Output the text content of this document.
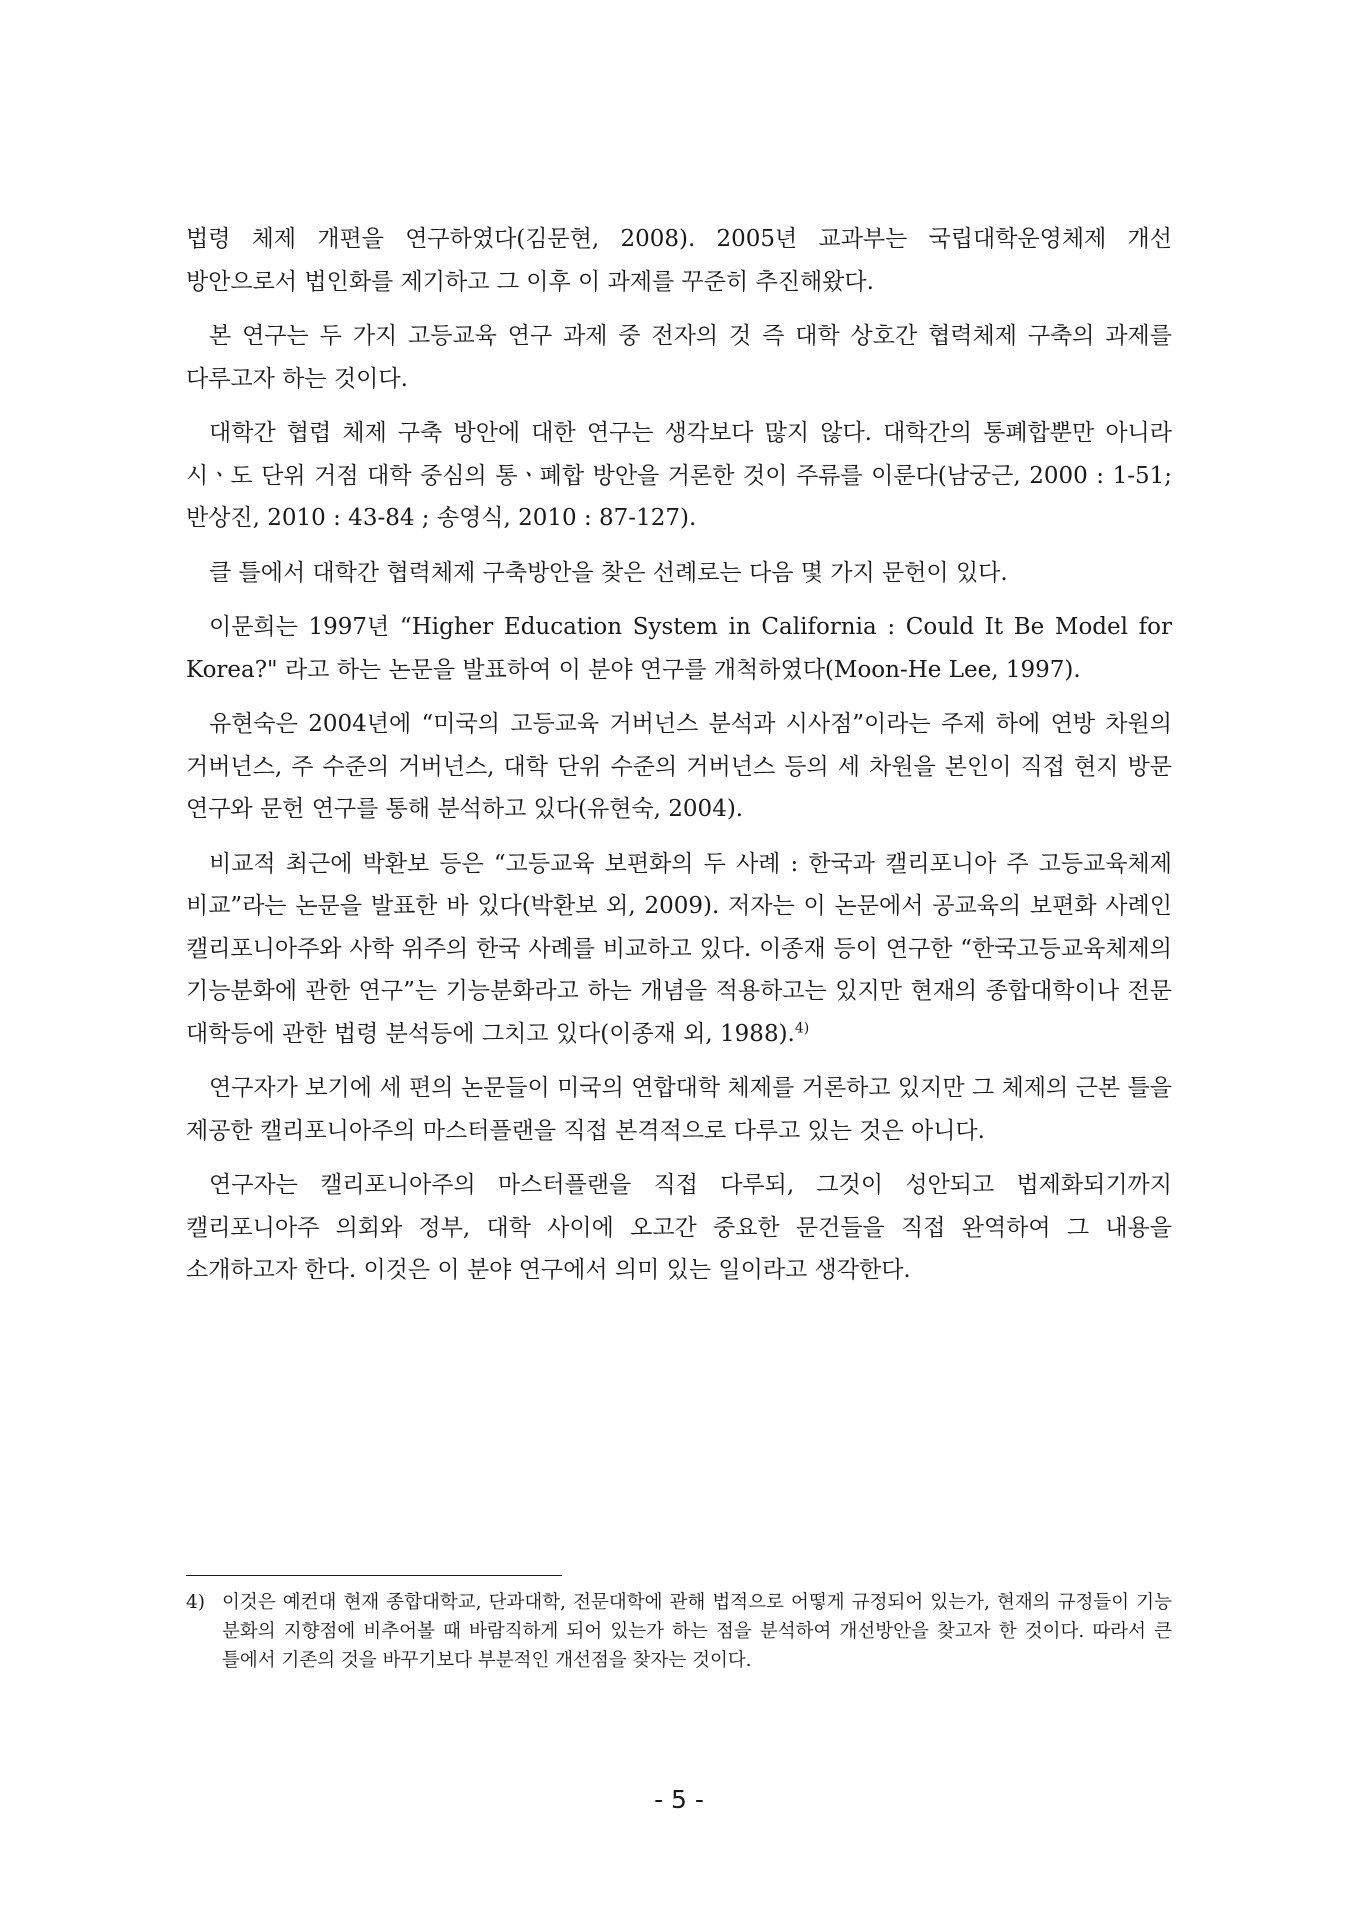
법령 체제 개편을 연구하였다(김문현, 2008). 2005년 교과부는 국립대학운영체제 개선 방안으로서 법인화를 제기하고 그 이후 이 과제를 꾸준히 추진해왔다.

본 연구는 두 가지 고등교육 연구 과제 중 전자의 것 즉 대학 상호간 협력체제 구축의 과제를 다루고자 하는 것이다.

대학간 협렵 체제 구축 방안에 대한 연구는 생각보다 많지 않다. 대학간의 통폐합뿐만 아니라 시ㆍ도 단위 거점 대학 중심의 통ㆍ폐합 방안을 거론한 것이 주류를 이룬다(남궁근, 2000 : 1-51; 반상진, 2010 : 43-84 ; 송영식, 2010 : 87-127).

클 틀에서 대학간 협력체제 구축방안을 찾은 선례로는 다음 몇 가지 문헌이 있다.

이문희는 1997년 “Higher Education System in California : Could It Be Model for Korea?" 라고 하는 논문을 발표하여 이 분야 연구를 개척하였다(Moon-He Lee, 1997).

유현숙은 2004년에 “미국의 고등교육 거버넌스 분석과 시사점”이라는 주제 하에 연방 차원의 거버넌스, 주 수준의 거버넌스, 대학 단위 수준의 거버넌스 등의 세 차원을 본인이 직접 현지 방문 연구와 문헌 연구를 통해 분석하고 있다(유현숙, 2004).

비교적 최근에 박환보 등은 “고등교육 보편화의 두 사례 : 한국과 캘리포니아 주 고등교육체제 비교”라는 논문을 발표한 바 있다(박환보 외, 2009). 저자는 이 논문에서 공교육의 보편화 사례인 캘리포니아주와 사학 위주의 한국 사례를 비교하고 있다. 이종재 등이 연구한 “한국고등교육체제의 기능분화에 관한 연구”는 기능분화라고 하는 개념을 적용하고는 있지만 현재의 종합대학이나 전문 대학등에 관한 법령 분석등에 그치고 있다(이종재 외, 1988).$^{4)}$

연구자가 보기에 세 편의 논문들이 미국의 연합대학 체제를 거론하고 있지만 그 체제의 근본 틀을 제공한 캘리포니아주의 마스터플랜을 직접 본격적으로 다루고 있는 것은 아니다.

연구자는 캘리포니아주의 마스터플랜을 직접 다루되, 그것이 성안되고 법제화되기까지 캘리포니아주 의회와 정부, 대학 사이에 오고간 중요한 문건들을 직접 완역하여 그 내용을 소개하고자 한다. 이것은 이 분야 연구에서 의미 있는 일이라고 생각한다.

4) 이것은 예컨대 현재 종합대학교, 단과대학, 전문대학에 관해 법적으로 어떻게 규정되어 있는가, 현재의 규정들이 기능 분화의 지향점에 비추어볼 때 바람직하게 되어 있는가 하는 점을 분석하여 개선방안을 찾고자 한 것이다. 따라서 큰 틀에서 기존의 것을 바꾸기보다 부분적인 개선점을 찾자는 것이다.
- 5 -
